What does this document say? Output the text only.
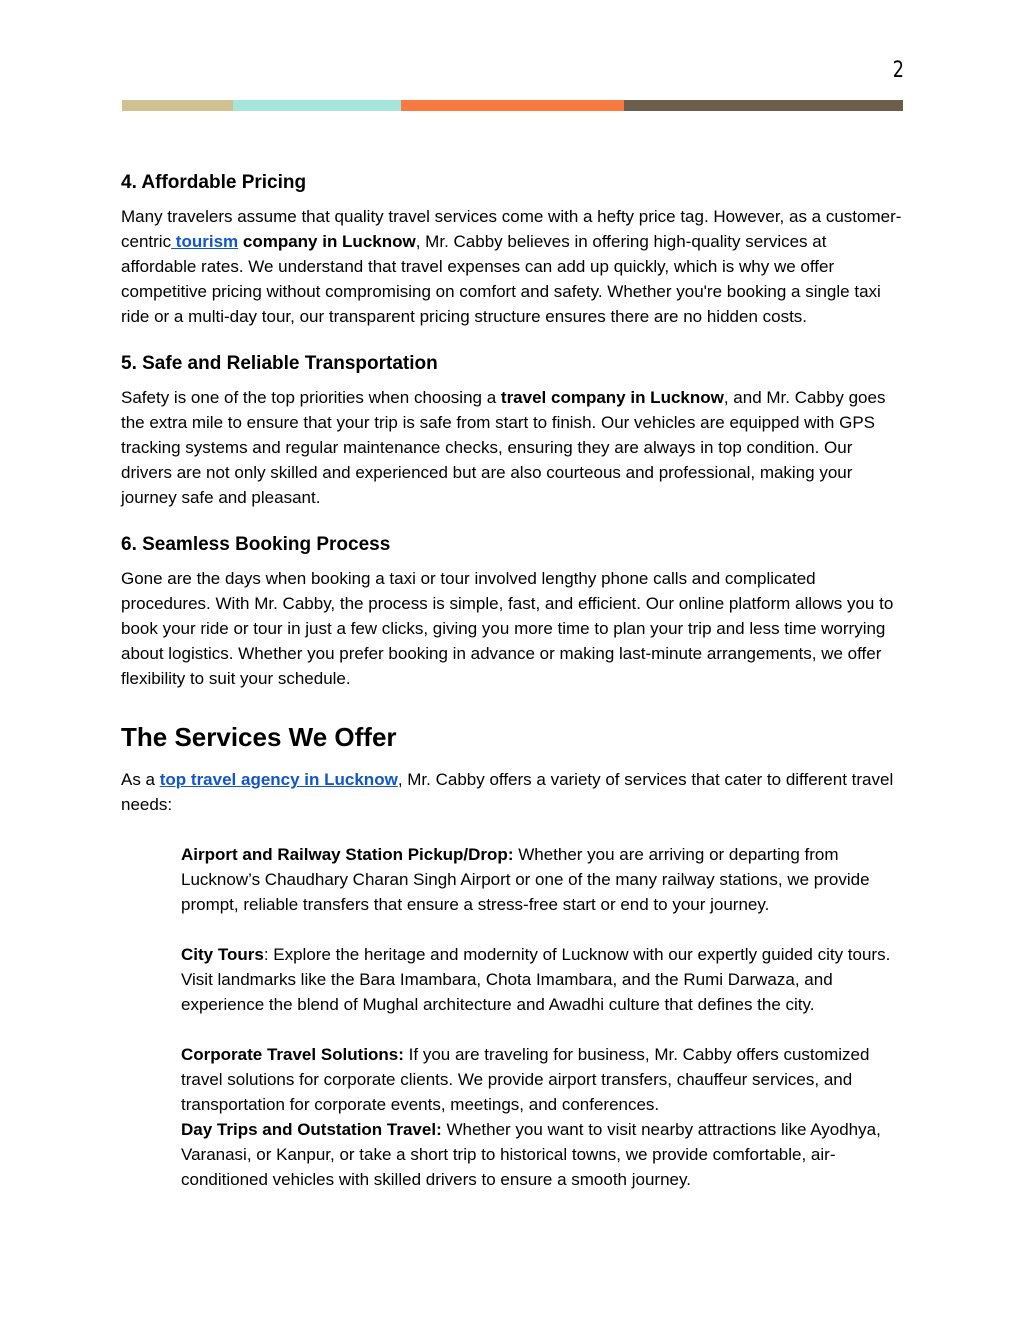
2
4. Affordable Pricing

Many travelers assume that quality travel services come with a hefty price tag. However, as a customer-centric tourism company in Lucknow, Mr. Cabby believes in offering high-quality services at affordable rates. We understand that travel expenses can add up quickly, which is why we offer competitive pricing without compromising on comfort and safety. Whether you're booking a single taxi ride or a multi-day tour, our transparent pricing structure ensures there are no hidden costs.

5. Safe and Reliable Transportation

Safety is one of the top priorities when choosing a travel company in Lucknow, and Mr. Cabby goes the extra mile to ensure that your trip is safe from start to finish. Our vehicles are equipped with GPS tracking systems and regular maintenance checks, ensuring they are always in top condition. Our drivers are not only skilled and experienced but are also courteous and professional, making your journey safe and pleasant.

6. Seamless Booking Process

Gone are the days when booking a taxi or tour involved lengthy phone calls and complicated procedures. With Mr. Cabby, the process is simple, fast, and efficient. Our online platform allows you to book your ride or tour in just a few clicks, giving you more time to plan your trip and less time worrying about logistics. Whether you prefer booking in advance or making last-minute arrangements, we offer flexibility to suit your schedule.

The Services We Offer

As a top travel agency in Lucknow, Mr. Cabby offers a variety of services that cater to different travel needs:

Airport and Railway Station Pickup/Drop: Whether you are arriving or departing from Lucknow’s Chaudhary Charan Singh Airport or one of the many railway stations, we provide prompt, reliable transfers that ensure a stress-free start or end to your journey.

City Tours: Explore the heritage and modernity of Lucknow with our expertly guided city tours. Visit landmarks like the Bara Imambara, Chota Imambara, and the Rumi Darwaza, and experience the blend of Mughal architecture and Awadhi culture that defines the city.

Corporate Travel Solutions: If you are traveling for business, Mr. Cabby offers customized travel solutions for corporate clients. We provide airport transfers, chauffeur services, and transportation for corporate events, meetings, and conferences.

Day Trips and Outstation Travel: Whether you want to visit nearby attractions like Ayodhya, Varanasi, or Kanpur, or take a short trip to historical towns, we provide comfortable, air-conditioned vehicles with skilled drivers to ensure a smooth journey.
